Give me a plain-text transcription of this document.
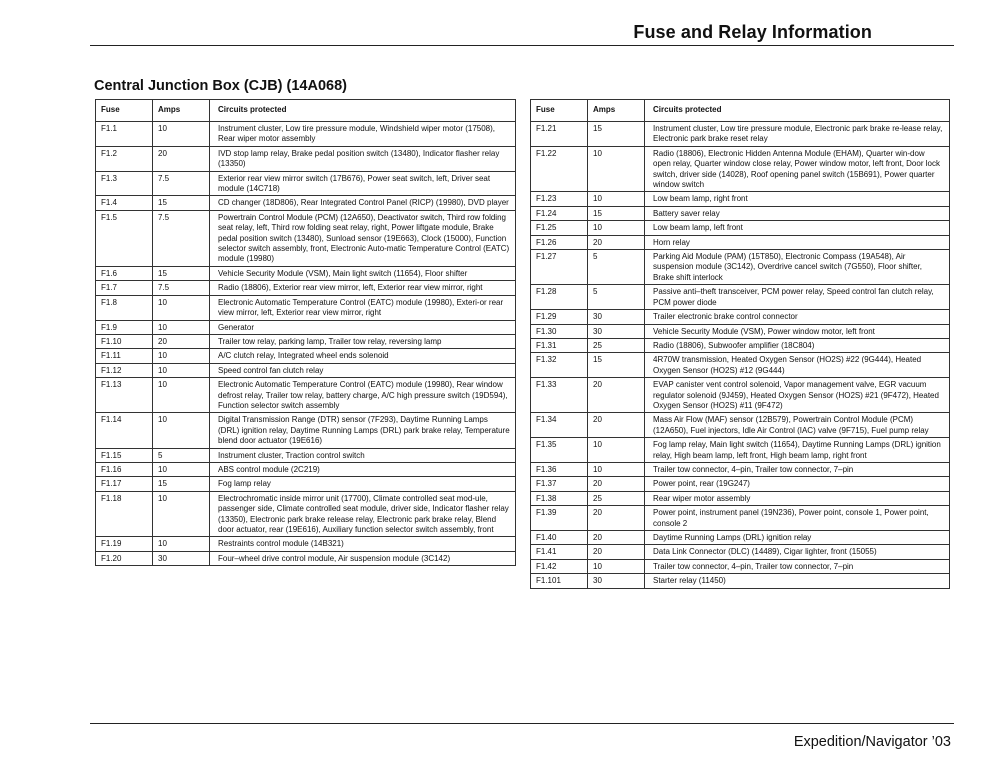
Fuse and Relay Information
Central Junction Box (CJB) (14A068)
Fuse	Amps	Circuits protected
F1.1	10	Instrument cluster, Low tire pressure module, Windshield wiper motor (17508), Rear wiper motor assembly
F1.2	20	IVD stop lamp relay, Brake pedal position switch (13480), Indicator flasher relay (13350)
F1.3	7.5	Exterior rear view mirror switch (17B676), Power seat switch, left, Driver seat module (14C718)
F1.4	15	CD changer (18D806), Rear Integrated Control Panel (RICP) (19980), DVD player
F1.5	7.5	Powertrain Control Module (PCM) (12A650), Deactivator switch, Third row folding seat relay, left, Third row folding seat relay, right, Power liftgate module, Brake pedal position switch (13480), Sunload sensor (19E663), Clock (15000), Function selector switch assembly, front, Electronic Auto-matic Temperature Control (EATC) module (19980)
F1.6	15	Vehicle Security Module (VSM), Main light switch (11654), Floor shifter
F1.7	7.5	Radio (18806), Exterior rear view mirror, left, Exterior rear view mirror, right
F1.8	10	Electronic Automatic Temperature Control (EATC) module (19980), Exteri-or rear view mirror, left, Exterior rear view mirror, right
F1.9	10	Generator
F1.10	20	Trailer tow relay, parking lamp, Trailer tow relay, reversing lamp
F1.11	10	A/C clutch relay, Integrated wheel ends solenoid
F1.12	10	Speed control fan clutch relay
F1.13	10	Electronic Automatic Temperature Control (EATC) module (19980), Rear window defrost relay, Trailer tow relay, battery charge, A/C high pressure switch (19D594), Function selector switch assembly
F1.14	10	Digital Transmission Range (DTR) sensor (7F293), Daytime Running Lamps (DRL) ignition relay, Daytime Running Lamps (DRL) park brake relay, Temperature blend door actuator (19E616)
F1.15	5	Instrument cluster, Traction control switch
F1.16	10	ABS control module (2C219)
F1.17	15	Fog lamp relay
F1.18	10	Electrochromatic inside mirror unit (17700), Climate controlled seat mod-ule, passenger side, Climate controlled seat module, driver side, Indicator flasher relay (13350), Electronic park brake release relay, Electronic park brake relay, Blend door actuator, rear (19E616), Auxiliary function selector switch assembly, front
F1.19	10	Restraints control module (14B321)
F1.20	30	Four–wheel drive control module, Air suspension module (3C142)
Fuse	Amps	Circuits protected
F1.21	15	Instrument cluster, Low tire pressure module, Electronic park brake re-lease relay, Electronic park brake reset relay
F1.22	10	Radio (18806), Electronic Hidden Antenna Module (EHAM), Quarter win-dow open relay, Quarter window close relay, Power window motor, left front, Door lock switch, driver side (14028), Roof opening panel switch (15B691), Power quarter window switch
F1.23	10	Low beam lamp, right front
F1.24	15	Battery saver relay
F1.25	10	Low beam lamp, left front
F1.26	20	Horn relay
F1.27	5	Parking Aid Module (PAM) (15T850), Electronic Compass (19A548), Air suspension module (3C142), Overdrive cancel switch (7G550), Floor shifter, Brake shift interlock
F1.28	5	Passive anti–theft transceiver, PCM power relay, Speed control fan clutch relay, PCM power diode
F1.29	30	Trailer electronic brake control connector
F1.30	30	Vehicle Security Module (VSM), Power window motor, left front
F1.31	25	Radio (18806), Subwoofer amplifier (18C804)
F1.32	15	4R70W transmission, Heated Oxygen Sensor (HO2S) #22 (9G444), Heated Oxygen Sensor (HO2S) #12 (9G444)
F1.33	20	EVAP canister vent control solenoid, Vapor management valve, EGR vacuum regulator solenoid (9J459), Heated Oxygen Sensor (HO2S) #21 (9F472), Heated Oxygen Sensor (HO2S) #11 (9F472)
F1.34	20	Mass Air Flow (MAF) sensor (12B579), Powertrain Control Module (PCM) (12A650), Fuel injectors, Idle Air Control (IAC) valve (9F715), Fuel pump relay
F1.35	10	Fog lamp relay, Main light switch (11654), Daytime Running Lamps (DRL) ignition relay, High beam lamp, left front, High beam lamp, right front
F1.36	10	Trailer tow connector, 4–pin, Trailer tow connector, 7–pin
F1.37	20	Power point, rear (19G247)
F1.38	25	Rear wiper motor assembly
F1.39	20	Power point, instrument panel (19N236), Power point, console 1, Power point, console 2
F1.40	20	Daytime Running Lamps (DRL) ignition relay
F1.41	20	Data Link Connector (DLC) (14489), Cigar lighter, front (15055)
F1.42	10	Trailer tow connector, 4–pin, Trailer tow connector, 7–pin
F1.101	30	Starter relay (11450)
Expedition/Navigator ’03
